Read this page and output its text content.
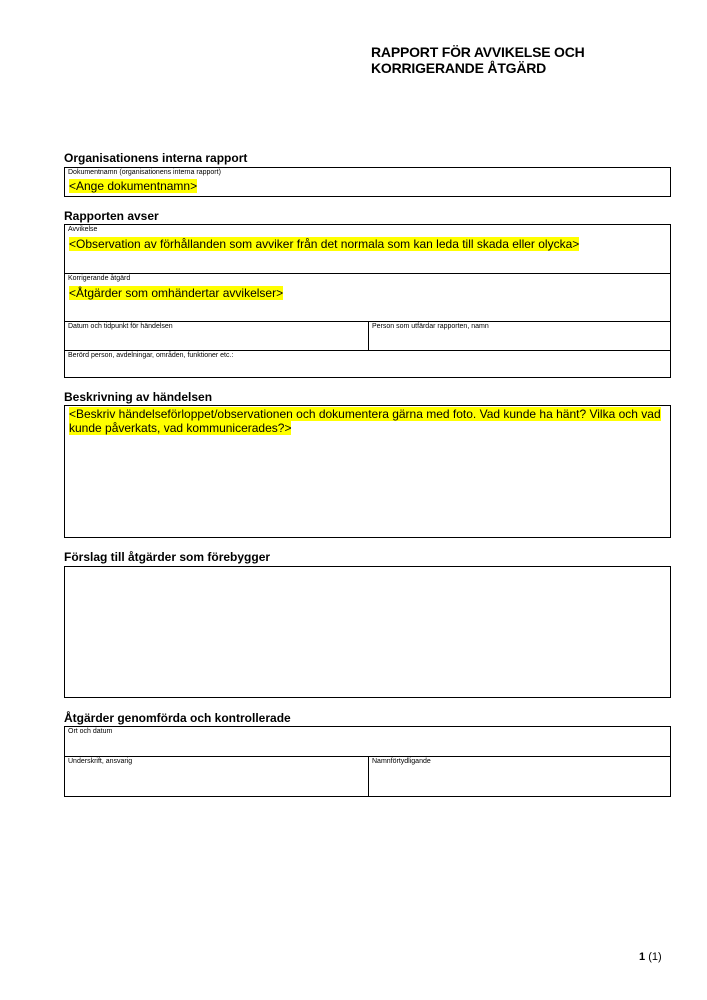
RAPPORT FÖR AVVIKELSE OCH
KORRIGERANDE ÅTGÄRD
Organisationens interna rapport
Dokumentnamn (organisationens interna rapport)
<Ange dokumentnamn>
Rapporten avser
Avvikelse
<Observation av förhållanden som avviker från det normala som kan leda till skada eller olycka>
Korrigerande åtgärd
<Åtgärder som omhändertar avvikelser>
Datum och tidpunkt för händelsen	Person som utfärdar rapporten, namn
Berörd person, avdelningar, områden, funktioner etc.:
Beskrivning av händelsen
<Beskriv händelseförloppet/observationen och dokumentera gärna med foto. Vad kunde ha hänt? Vilka och vad
kunde påverkats, vad kommunicerades?>
Förslag till åtgärder som förebygger
Åtgärder genomförda och kontrollerade
Ort och datum
Underskrift, ansvarig	Namnförtydligande
1 (1)
